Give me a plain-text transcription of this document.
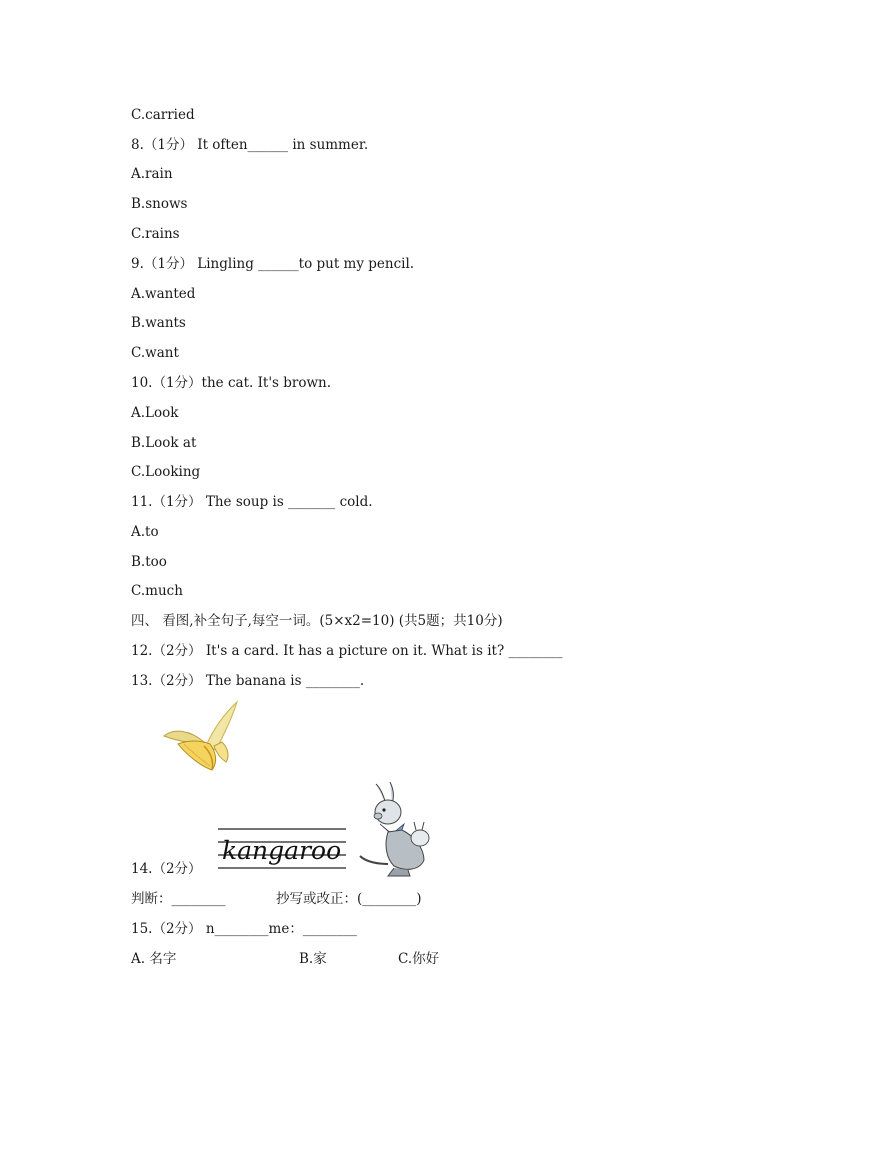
C.carried
8.（1分） It often______ in summer.
A.rain
B.snows
C.rains
9.（1分） Lingling ______to put my pencil.
A.wanted
B.wants
C.want
10.（1分）the cat. It's brown.
A.Look
B.Look at
C.Looking
11.（1分） The soup is _______ cold.
A.to
B.too
C.much
四、 看图,补全句子,每空一词。(5×x2=10) (共5题；共10分)
12.（2分） It's a card. It has a picture on it. What is it? ________
13.（2分） The banana is ________.
kangaroo
14.（2分）
判断：________	抄写或改正：(________)
15.（2分） n________me：________
A. 名字	B.家	C.你好
